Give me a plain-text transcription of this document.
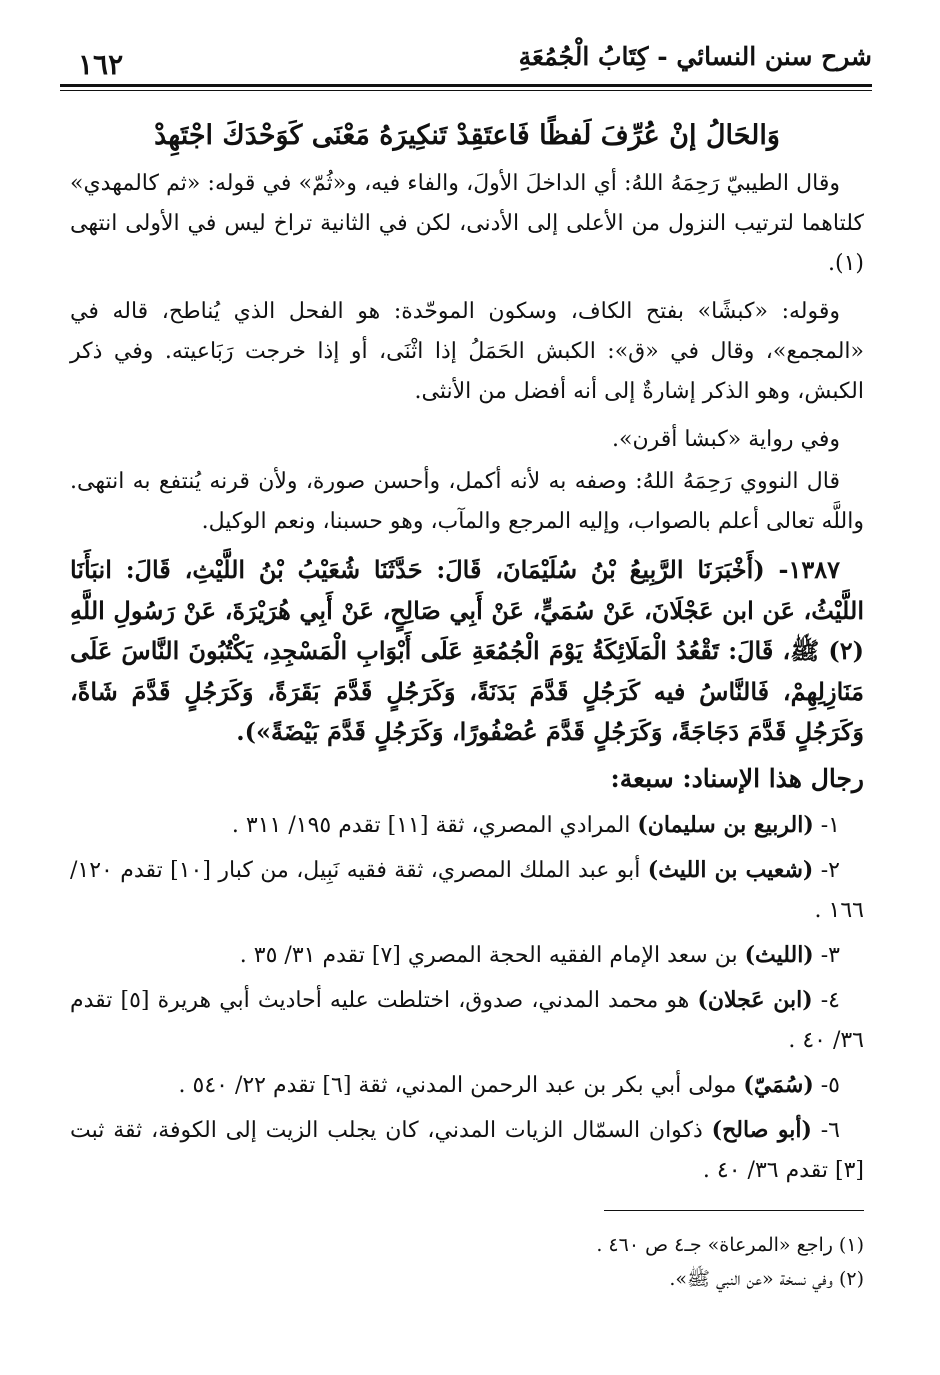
شرح سنن النسائي - كِتَابُ الْجُمُعَةِ
١٦٢

وَالحَالُ إنْ عُرِّفَ لَفظًا فَاعتَقِدْ تَنكِيرَهُ مَعْنَى كَوَحْدَكَ اجْتَهِدْ

وقال الطيبيّ رَحِمَهُ اللهُ: أي الداخلَ الأولَ، والفاء فيه، و«ثُمّ» في قوله: «ثم كالمهدي» كلتاهما لترتيب النزول من الأعلى إلى الأدنى، لكن في الثانية تراخ ليس في الأولى انتهى (١).

وقوله: «كبشًا» بفتح الكاف، وسكون الموحّدة: هو الفحل الذي يُناطح، قاله في «المجمع»، وقال في «ق»: الكبش الحَمَلُ إذا اثْنَى، أو إذا خرجت رَبَاعيته. وفي ذكر الكبش، وهو الذكر إشارةٌ إلى أنه أفضل من الأنثى.

وفي رواية «كبشا أقرن».

قال النووي رَحِمَهُ اللهُ: وصفه به لأنه أكمل، وأحسن صورة، ولأن قرنه يُنتفع به انتهى. واللَّه تعالى أعلم بالصواب، وإليه المرجع والمآب، وهو حسبنا، ونعم الوكيل.

١٣٨٧- (أَخْبَرَنَا الرَّبِيعُ بْنُ سُلَيْمَانَ، قَالَ: حَدَّثَنَا شُعَيْبُ بْنُ اللَّيْثِ، قَالَ: انبَأَنَا اللَّيْثُ، عَن ابن عَجْلَانَ، عَنْ سُمَيٍّ، عَنْ أَبِي صَالِحٍ، عَنْ أَبِي هُرَيْرَةَ، عَنْ رَسُولِ اللَّهِ (٢) ﷺ، قَالَ: تَقْعُدُ الْمَلَائِكَةُ يَوْمَ الْجُمُعَةِ عَلَى أَبْوَابِ الْمَسْجِدِ، يَكْتُبُونَ النَّاسَ عَلَى مَنَازِلِهِمْ، فَالنَّاسُ فيه كَرَجُلٍ قَدَّمَ بَدَنَةً، وَكَرَجُلٍ قَدَّمَ بَقَرَةً، وَكَرَجُلٍ قَدَّمَ شَاةً، وَكَرَجُلٍ قَدَّمَ دَجَاجَةً، وَكَرَجُلٍ قَدَّمَ عُصْفُورًا، وَكَرَجُلٍ قَدَّمَ بَيْضَةً»).

رجال هذا الإسناد: سبعة:

١- (الربيع بن سليمان) المرادي المصري، ثقة [١١] تقدم ١٩٥/ ٣١١ .

٢- (شعيب بن الليث) أبو عبد الملك المصري، ثقة فقيه نَبِيل، من كبار [١٠] تقدم ١٢٠/ ١٦٦ .

٣- (الليث) بن سعد الإمام الفقيه الحجة المصري [٧] تقدم ٣١/ ٣٥ .

٤- (ابن عَجلان) هو محمد المدني، صدوق، اختلطت عليه أحاديث أبي هريرة [٥] تقدم ٣٦/ ٤٠ .

٥- (سُمَيّ) مولى أبي بكر بن عبد الرحمن المدني، ثقة [٦] تقدم ٢٢/ ٥٤٠ .

٦- (أبو صالح) ذكوان السمّال الزيات المدني، كان يجلب الزيت إلى الكوفة، ثقة ثبت [٣] تقدم ٣٦/ ٤٠ .

(١) راجع «المرعاة» جـ٤ ص ٤٦٠ .

(٢) وفي نسخة «عن النبي ﷺ».
